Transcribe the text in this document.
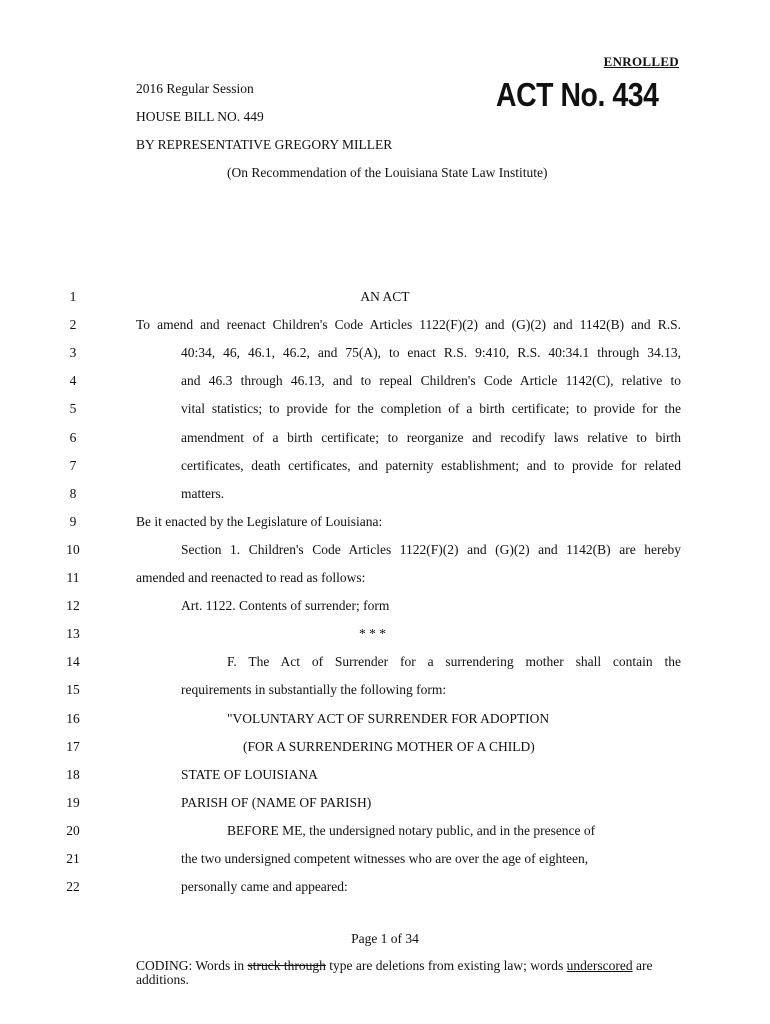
ENROLLED
ACT No. 434
2016 Regular Session
HOUSE BILL NO. 449
BY REPRESENTATIVE GREGORY MILLER
(On Recommendation of the Louisiana State Law Institute)
1	AN ACT
2	To amend and reenact Children's Code Articles 1122(F)(2) and (G)(2) and 1142(B) and R.S.
3	40:34, 46, 46.1, 46.2, and 75(A), to enact R.S. 9:410, R.S. 40:34.1 through 34.13,
4	and 46.3 through 46.13, and to repeal Children's Code Article 1142(C), relative to
5	vital statistics; to provide for the completion of a birth certificate; to provide for the
6	amendment of a birth certificate; to reorganize and recodify laws relative to birth
7	certificates, death certificates, and paternity establishment; and to provide for related
8	matters.
9	Be it enacted by the Legislature of Louisiana:
10	Section 1. Children's Code Articles 1122(F)(2) and (G)(2) and 1142(B) are hereby
11	amended and reenacted to read as follows:
12	Art. 1122. Contents of surrender; form
13	* * *
14	F. The Act of Surrender for a surrendering mother shall contain the
15	requirements in substantially the following form:
16	"VOLUNTARY ACT OF SURRENDER FOR ADOPTION
17	(FOR A SURRENDERING MOTHER OF A CHILD)
18	STATE OF LOUISIANA
19	PARISH OF (NAME OF PARISH)
20	BEFORE ME, the undersigned notary public, and in the presence of
21	the two undersigned competent witnesses who are over the age of eighteen,
22	personally came and appeared:
Page 1 of 34
CODING: Words in struck through type are deletions from existing law; words underscored are additions.
